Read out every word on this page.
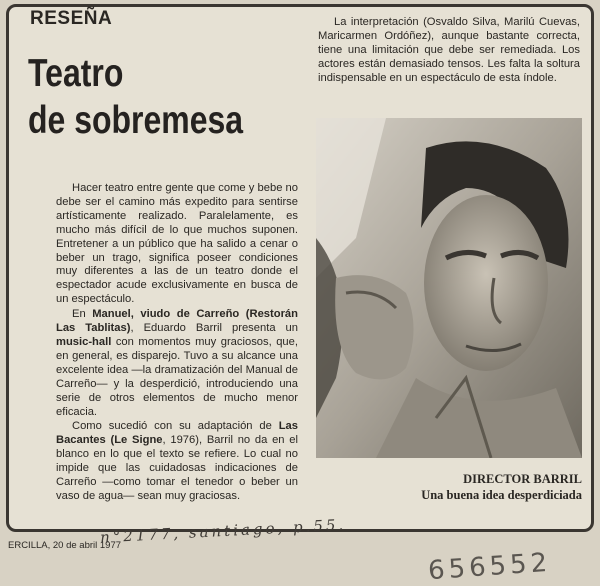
RESEÑA
Teatro
de sobremesa

Hacer teatro entre gente que come y bebe no debe ser el camino más expedito para sentirse artísticamente realizado. Paralelamente, es mucho más difícil de lo que muchos suponen. Entretener a un público que ha salido a cenar o beber un trago, significa poseer condiciones muy diferentes a las de un teatro donde el espectador acude exclusivamente en busca de un espectáculo.

En Manuel, viudo de Carreño (Restorán Las Tablitas), Eduardo Barril presenta un music-hall con momentos muy graciosos, que, en general, es disparejo. Tuvo a su alcance una excelente idea —la dramatización del Manual de Carreño— y la desperdició, introduciendo una serie de otros elementos de mucho menor eficacia.

Como sucedió con su adaptación de Las Bacantes (Le Signe, 1976), Barril no da en el blanco en lo que el texto se refiere. Lo cual no impide que las cuidadosas indicaciones de Carreño —como tomar el tenedor o beber un vaso de agua— sean muy graciosas.

La interpretación (Osvaldo Silva, Marilú Cuevas, Maricarmen Ordóñez), aunque bastante correcta, tiene una limitación que debe ser remediada. Los actores están demasiado tensos. Les falta la soltura indispensable en un espectáculo de esta índole.

DIRECTOR BARRIL
Una buena idea desperdiciada
n°2177, santiago, p.55.
ERCILLA, 20 de abril 1977
656552
